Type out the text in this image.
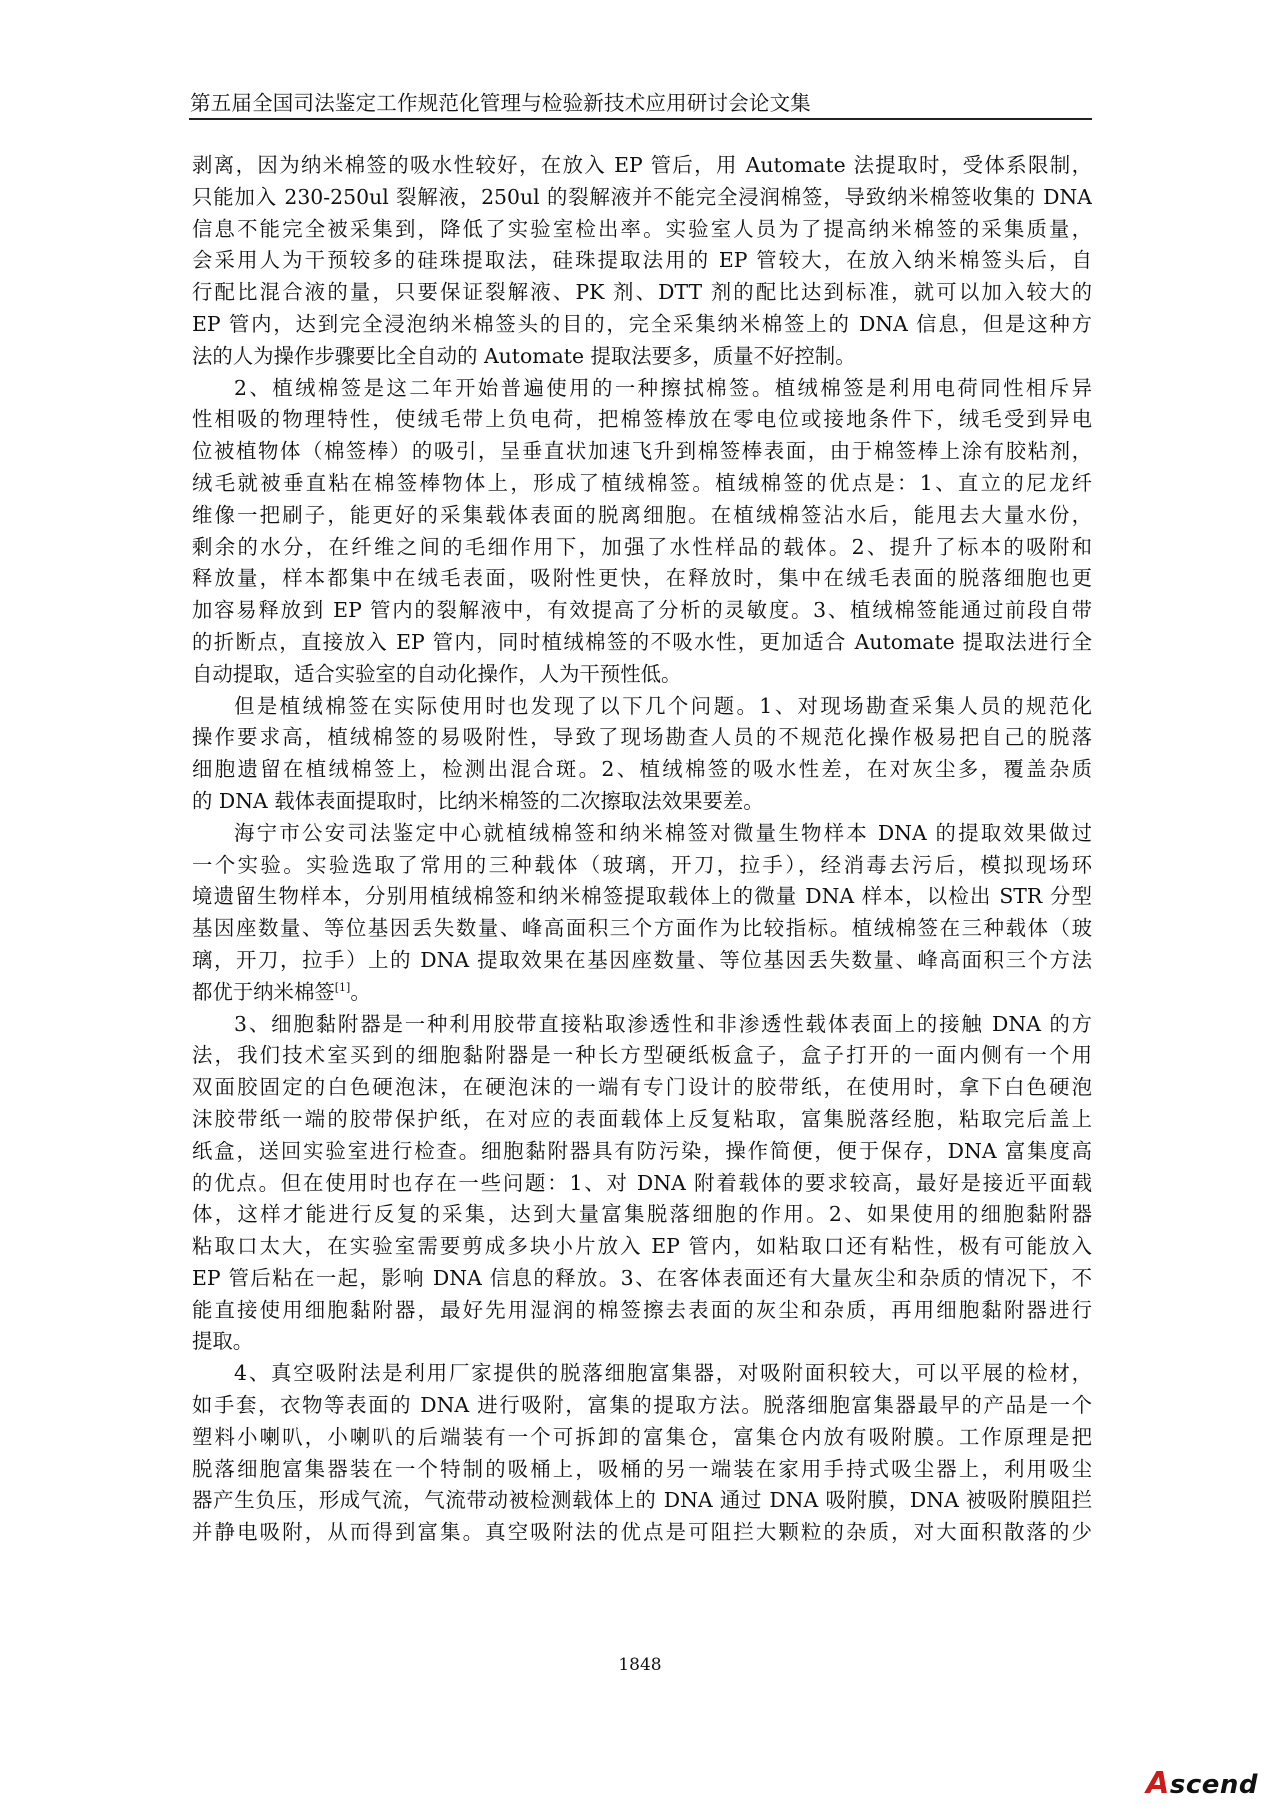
第五届全国司法鉴定工作规范化管理与检验新技术应用研讨会论文集
剥离，因为纳米棉签的吸水性较好，在放入 EP 管后，用 Automate 法提取时，受体系限制，
只能加入 230-250ul 裂解液，250ul 的裂解液并不能完全浸润棉签，导致纳米棉签收集的 DNA
信息不能完全被采集到，降低了实验室检出率。实验室人员为了提高纳米棉签的采集质量，
会采用人为干预较多的硅珠提取法，硅珠提取法用的 EP 管较大，在放入纳米棉签头后，自
行配比混合液的量，只要保证裂解液、PK 剂、DTT 剂的配比达到标准，就可以加入较大的
EP 管内，达到完全浸泡纳米棉签头的目的，完全采集纳米棉签上的 DNA 信息，但是这种方
法的人为操作步骤要比全自动的 Automate 提取法要多，质量不好控制。
2、植绒棉签是这二年开始普遍使用的一种擦拭棉签。植绒棉签是利用电荷同性相斥异
性相吸的物理特性，使绒毛带上负电荷，把棉签棒放在零电位或接地条件下，绒毛受到异电
位被植物体（棉签棒）的吸引，呈垂直状加速飞升到棉签棒表面，由于棉签棒上涂有胶粘剂，
绒毛就被垂直粘在棉签棒物体上，形成了植绒棉签。植绒棉签的优点是：1、直立的尼龙纤
维像一把刷子，能更好的采集载体表面的脱离细胞。在植绒棉签沾水后，能甩去大量水份，
剩余的水分，在纤维之间的毛细作用下，加强了水性样品的载体。2、提升了标本的吸附和
释放量，样本都集中在绒毛表面，吸附性更快，在释放时，集中在绒毛表面的脱落细胞也更
加容易释放到 EP 管内的裂解液中，有效提高了分析的灵敏度。3、植绒棉签能通过前段自带
的折断点，直接放入 EP 管内，同时植绒棉签的不吸水性，更加适合 Automate 提取法进行全
自动提取，适合实验室的自动化操作，人为干预性低。
但是植绒棉签在实际使用时也发现了以下几个问题。1、对现场勘查采集人员的规范化
操作要求高，植绒棉签的易吸附性，导致了现场勘查人员的不规范化操作极易把自己的脱落
细胞遗留在植绒棉签上，检测出混合斑。2、植绒棉签的吸水性差，在对灰尘多，覆盖杂质
的 DNA 载体表面提取时，比纳米棉签的二次擦取法效果要差。
海宁市公安司法鉴定中心就植绒棉签和纳米棉签对微量生物样本 DNA 的提取效果做过
一个实验。实验选取了常用的三种载体（玻璃，开刀，拉手），经消毒去污后，模拟现场环
境遗留生物样本，分别用植绒棉签和纳米棉签提取载体上的微量 DNA 样本，以检出 STR 分型
基因座数量、等位基因丢失数量、峰高面积三个方面作为比较指标。植绒棉签在三种载体（玻
璃，开刀，拉手）上的 DNA 提取效果在基因座数量、等位基因丢失数量、峰高面积三个方法
都优于纳米棉签[1]。
3、细胞黏附器是一种利用胶带直接粘取渗透性和非渗透性载体表面上的接触 DNA 的方
法，我们技术室买到的细胞黏附器是一种长方型硬纸板盒子，盒子打开的一面内侧有一个用
双面胶固定的白色硬泡沫，在硬泡沫的一端有专门设计的胶带纸，在使用时，拿下白色硬泡
沫胶带纸一端的胶带保护纸，在对应的表面载体上反复粘取，富集脱落经胞，粘取完后盖上
纸盒，送回实验室进行检查。细胞黏附器具有防污染，操作简便，便于保存，DNA 富集度高
的优点。但在使用时也存在一些问题：1、对 DNA 附着载体的要求较高，最好是接近平面载
体，这样才能进行反复的采集，达到大量富集脱落细胞的作用。2、如果使用的细胞黏附器
粘取口太大，在实验室需要剪成多块小片放入 EP 管内，如粘取口还有粘性，极有可能放入
EP 管后粘在一起，影响 DNA 信息的释放。3、在客体表面还有大量灰尘和杂质的情况下，不
能直接使用细胞黏附器，最好先用湿润的棉签擦去表面的灰尘和杂质，再用细胞黏附器进行
提取。
4、真空吸附法是利用厂家提供的脱落细胞富集器，对吸附面积较大，可以平展的检材，
如手套，衣物等表面的 DNA 进行吸附，富集的提取方法。脱落细胞富集器最早的产品是一个
塑料小喇叭，小喇叭的后端装有一个可拆卸的富集仓，富集仓内放有吸附膜。工作原理是把
脱落细胞富集器装在一个特制的吸桶上，吸桶的另一端装在家用手持式吸尘器上，利用吸尘
器产生负压，形成气流，气流带动被检测载体上的 DNA 通过 DNA 吸附膜，DNA 被吸附膜阻拦
并静电吸附，从而得到富集。真空吸附法的优点是可阻拦大颗粒的杂质，对大面积散落的少
1848
Ascend
